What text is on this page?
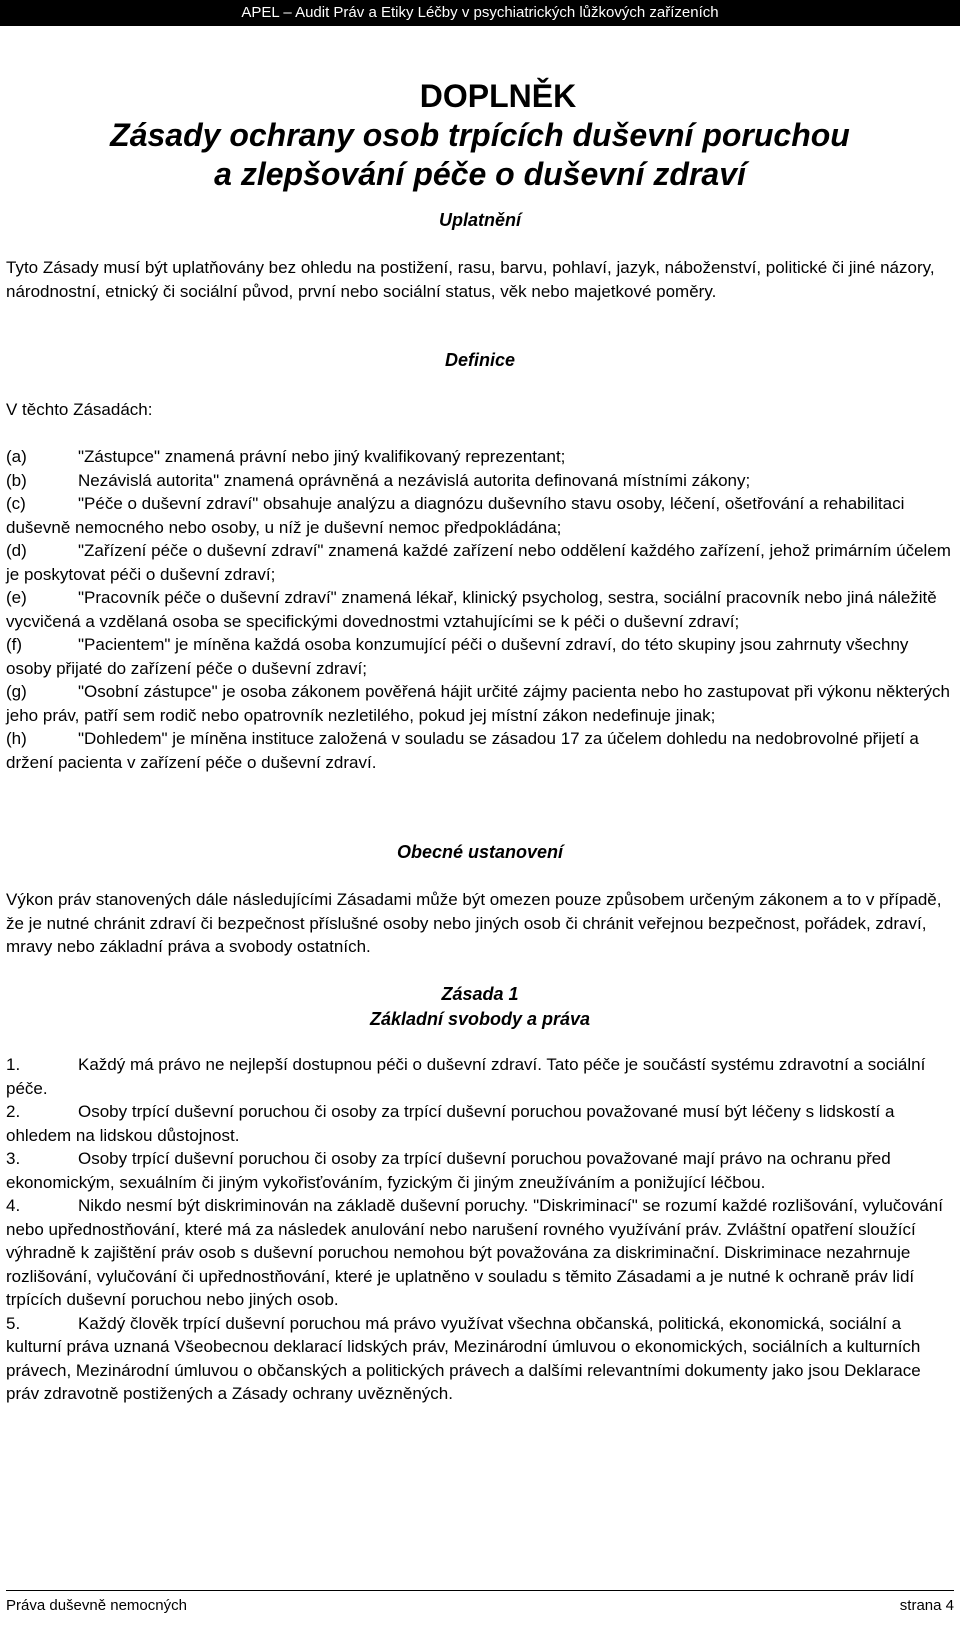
APEL – Audit Práv a Etiky Léčby v psychiatrických lůžkových zařízeních
DOPLNĚK
Zásady ochrany osob trpících duševní poruchou
a zlepšování péče o duševní zdraví
Uplatnění
Tyto Zásady musí být uplatňovány bez ohledu na postižení, rasu, barvu, pohlaví, jazyk, náboženství, politické či jiné názory, národnostní, etnický či sociální původ, první nebo sociální status, věk nebo majetkové poměry.
Definice
V těchto Zásadách:
(a)	"Zástupce" znamená právní nebo jiný kvalifikovaný reprezentant;
(b)	Nezávislá autorita" znamená oprávněná a nezávislá autorita definovaná místními zákony;
(c)	"Péče o duševní zdraví" obsahuje analýzu a diagnózu duševního stavu osoby, léčení, ošetřování a rehabilitaci duševně nemocného nebo osoby, u níž je duševní nemoc předpokládána;
(d)	"Zařízení péče o duševní zdraví" znamená každé zařízení nebo oddělení každého zařízení, jehož primárním účelem je poskytovat péči o duševní zdraví;
(e)	"Pracovník péče o duševní zdraví" znamená lékař, klinický psycholog, sestra, sociální pracovník nebo jiná náležitě vycvičená a vzdělaná osoba se specifickými dovednostmi vztahujícími se k péči o duševní zdraví;
(f)	"Pacientem" je míněna každá osoba konzumující péči o duševní zdraví, do této skupiny jsou zahrnuty všechny osoby přijaté do zařízení péče o duševní zdraví;
(g)	"Osobní zástupce" je osoba zákonem pověřená hájit určité zájmy pacienta nebo ho zastupovat při výkonu některých jeho práv, patří sem rodič nebo opatrovník nezletilého, pokud jej místní zákon nedefinuje jinak;
(h)	"Dohledem" je míněna instituce založená v souladu se zásadou 17 za účelem dohledu na nedobrovolné přijetí a držení pacienta v zařízení péče o duševní zdraví.
Obecné ustanovení
Výkon práv stanovených dále následujícími Zásadami může být omezen pouze způsobem určeným zákonem a to v případě, že je nutné chránit zdraví či bezpečnost příslušné osoby nebo jiných osob či chránit veřejnou bezpečnost, pořádek, zdraví, mravy nebo základní práva a svobody ostatních.
Zásada 1
Základní svobody a práva
1.	Každý má právo ne nejlepší dostupnou péči o duševní zdraví. Tato péče je součástí systému zdravotní a sociální péče.
2.	Osoby trpící duševní poruchou či osoby za trpící duševní poruchou považované musí být léčeny s lidskostí a ohledem na lidskou důstojnost.
3.	Osoby trpící duševní poruchou či osoby za trpící duševní poruchou považované mají právo na ochranu před ekonomickým, sexuálním či jiným vykořisťováním, fyzickým či jiným zneužíváním a ponižující léčbou.
4.	Nikdo nesmí být diskriminován na základě duševní poruchy. "Diskriminací" se rozumí každé rozlišování, vylučování nebo upřednostňování, které má za následek anulování nebo narušení rovného využívání práv. Zvláštní opatření sloužící výhradně k zajištění práv osob s duševní poruchou nemohou být považována za diskriminační. Diskriminace nezahrnuje rozlišování, vylučování či upřednostňování, které je uplatněno v souladu s těmito Zásadami a je nutné k ochraně práv lidí trpících duševní poruchou nebo jiných osob.
5.	Každý člověk trpící duševní poruchou má právo využívat všechna občanská, politická, ekonomická, sociální a kulturní práva uznaná Všeobecnou deklarací lidských práv, Mezinárodní úmluvou o ekonomických, sociálních a kulturních právech, Mezinárodní úmluvou o občanských a politických právech a dalšími relevantními dokumenty jako jsou Deklarace práv zdravotně postižených a Zásady ochrany uvězněných.
Práva duševně nemocných	strana 4
